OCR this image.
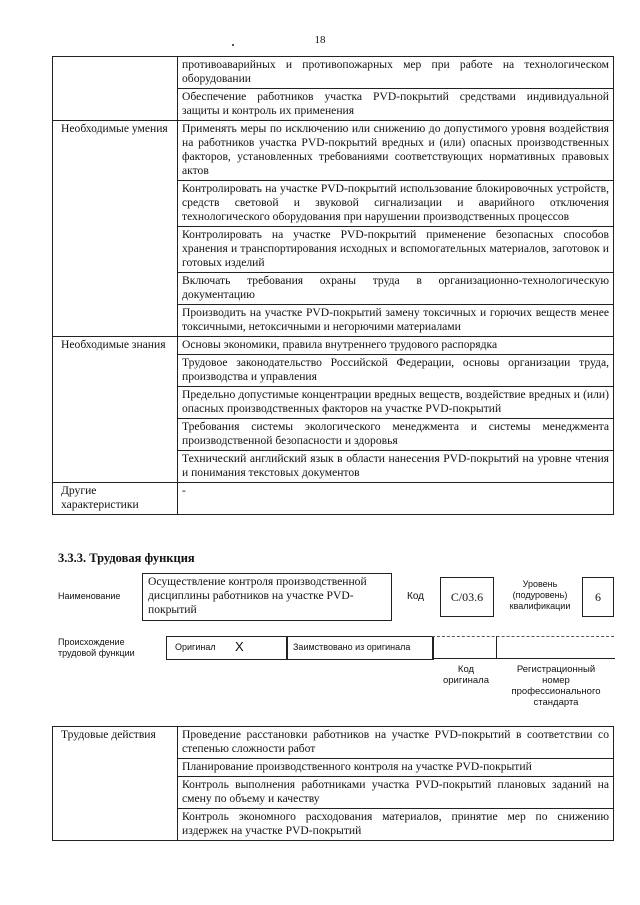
18
	противоаварийных и противопожарных мер при работе на технологическом оборудовании
	Обеспечение работников участка PVD-покрытий средствами индивидуальной защиты и контроль их применения
Необходимые умения	Применять меры по исключению или снижению до допустимого уровня воздействия на работников участка PVD-покрытий вредных и (или) опасных производственных факторов, установленных требованиями соответствующих нормативных правовых актов
	Контролировать на участке PVD-покрытий использование блокировочных устройств, средств световой и звуковой сигнализации и аварийного отключения технологического оборудования при нарушении производственных процессов
	Контролировать на участке PVD-покрытий применение безопасных способов хранения и транспортирования исходных и вспомогательных материалов, заготовок и готовых изделий
	Включать требования охраны труда в организационно-технологическую документацию
	Производить на участке PVD-покрытий замену токсичных и горючих веществ менее токсичными, нетоксичными и негорючими материалами
Необходимые знания	Основы экономики, правила внутреннего трудового распорядка
	Трудовое законодательство Российской Федерации, основы организации труда, производства и управления
	Предельно допустимые концентрации вредных веществ, воздействие вредных и (или) опасных производственных факторов на участке PVD-покрытий
	Требования системы экологического менеджмента и системы менеджмента производственной безопасности и здоровья
	Технический английский язык в области нанесения PVD-покрытий на уровне чтения и понимания текстовых документов
Другие характеристики	-
3.3.3. Трудовая функция
Наименование
Осуществление контроля производственной дисциплины работников на участке PVD-покрытий
Код	C/03.6
Уровень (подуровень) квалификации
6
Происхождение трудовой функции
Оригинал X	Заимствовано из оригинала
Код оригинала
Регистрационный номер профессионального стандарта
Трудовые действия	Проведение расстановки работников на участке PVD-покрытий в соответствии со степенью сложности работ
Планирование производственного контроля на участке PVD-покрытий
Контроль выполнения работниками участка PVD-покрытий плановых заданий на смену по объему и качеству
Контроль экономного расходования материалов, принятие мер по снижению издержек на участке PVD-покрытий
